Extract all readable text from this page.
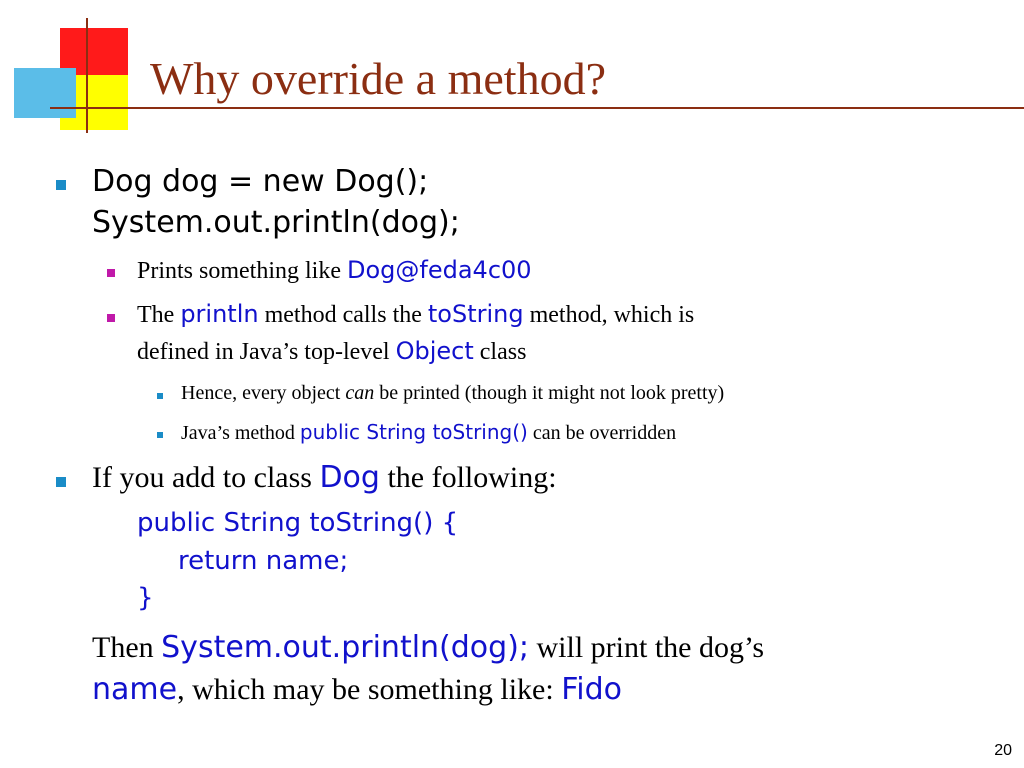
Why override a method?
Dog dog = new Dog();
System.out.println(dog);
Prints something like Dog@feda4c00
The println method calls the toString method, which is
defined in Java’s top-level Object class
Hence, every object can be printed (though it might not look pretty)
Java’s method public String toString() can be overridden
If you add to class Dog the following:
public String toString() {
return name;
}
Then System.out.println(dog); will print the dog’s
name, which may be something like: Fido
20
